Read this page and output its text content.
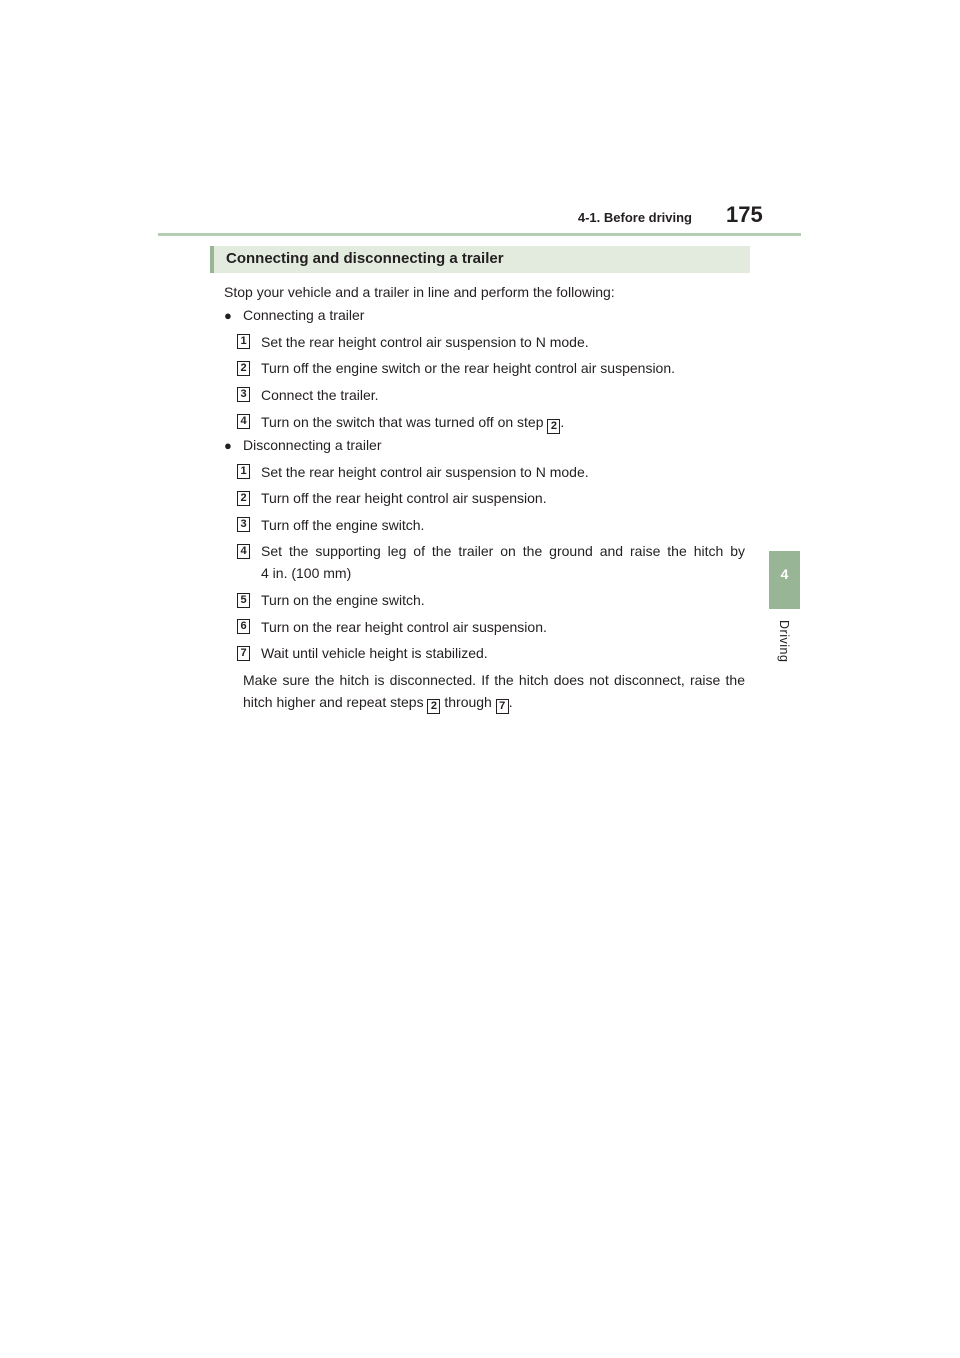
4-1. Before driving 175
4
Driving
Connecting and disconnecting a trailer
Stop your vehicle and a trailer in line and perform the following:
● Connecting a trailer
1 Set the rear height control air suspension to N mode.
2 Turn off the engine switch or the rear height control air suspension.
3 Connect the trailer.
4 Turn on the switch that was turned off on step 2 .
● Disconnecting a trailer
1 Set the rear height control air suspension to N mode.
2 Turn off the rear height control air suspension.
3 Turn off the engine switch.
4 Set the supporting leg of the trailer on the ground and raise the hitch by
4 in. (100 mm)
5 Turn on the engine switch.
6 Turn on the rear height control air suspension.
7 Wait until vehicle height is stabilized.
Make sure the hitch is disconnected. If the hitch does not disconnect, raise the
hitch higher and repeat steps 2 through 7 .
